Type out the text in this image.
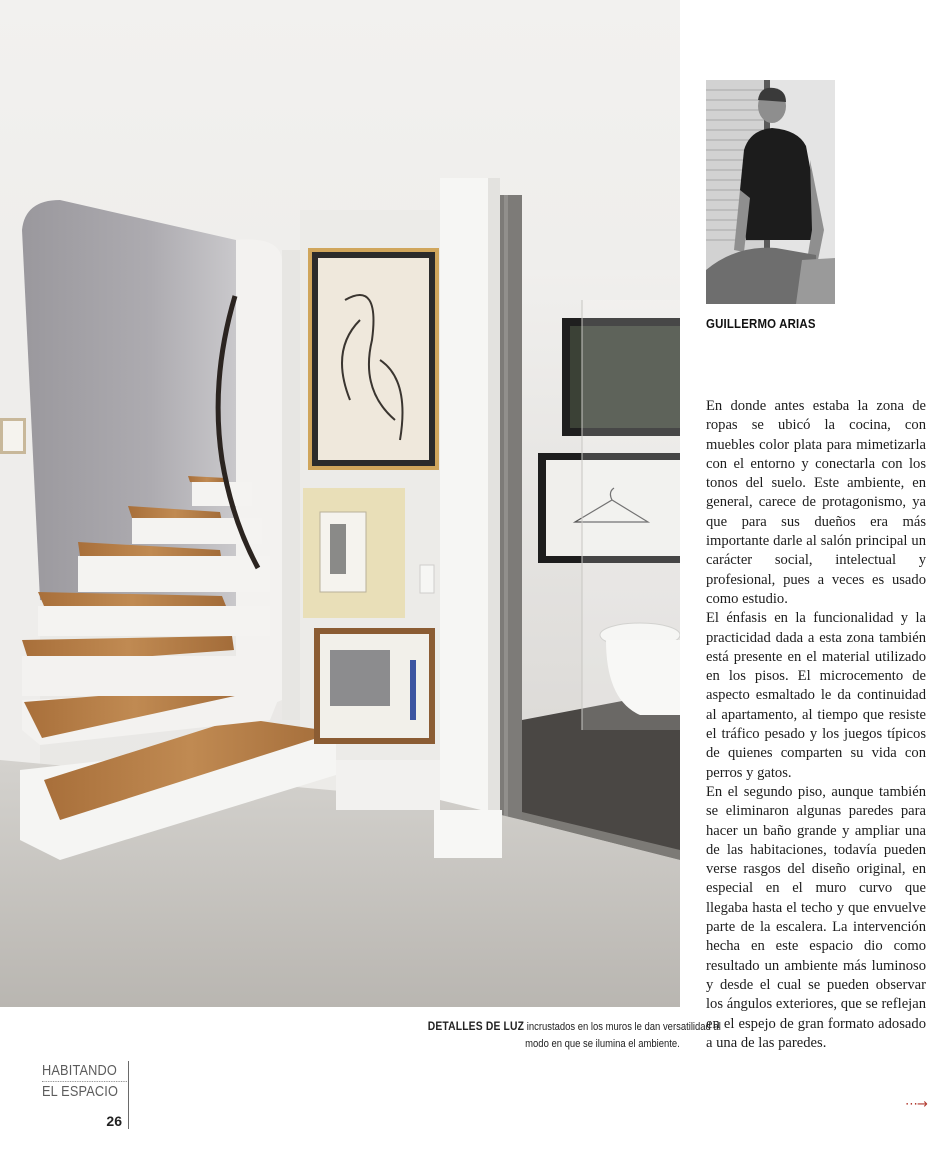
GUILLERMO ARIAS

En donde antes estaba la zona de ropas se ubicó la cocina, con muebles color plata para mimetizarla con el entorno y conectarla con los tonos del suelo. Este ambiente, en general, carece de protagonismo, ya que para sus dueños era más importante darle al salón principal un carácter social, intelectual y profesional, pues a veces es usado como estudio.

El énfasis en la funcionalidad y la practicidad dada a esta zona también está presente en el material utilizado en los pisos. El microcemento de aspecto esmaltado le da continuidad al apartamento, al tiempo que resiste el tráfico pesado y los juegos típicos de quienes comparten su vida con perros y gatos.

En el segundo piso, aunque también se eliminaron algunas paredes para hacer un baño grande y ampliar una de las habitaciones, todavía pueden verse rasgos del diseño original, en especial en el muro curvo que llegaba hasta el techo y que envuelve parte de la escalera. La intervención hecha en este espacio dio como resultado un ambiente más luminoso y desde el cual se pueden observar los ángulos exteriores, que se reflejan en el espejo de gran formato adosado a una de las paredes.

⋯→
DETALLES DE LUZ incrustados en los muros le dan versatilidad al
modo en que se ilumina el ambiente.
HABITANDO
EL ESPACIO
26
